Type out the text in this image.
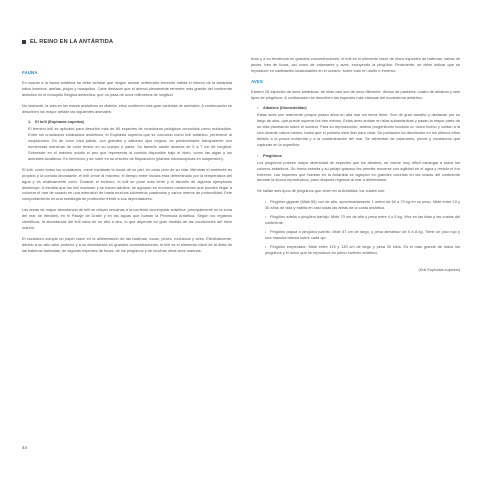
EL REINO EN LA ANTÁRTIDA
FAUNA

En cuanto a la fauna antártica se debe señalar que ningún animal vertebrado terrestre habita el interior de la Antártida salvo insectos, arañas, piojos y mosquitos. Cabe destacar que el animal plenamente terrestre más grande del continente antártico es el mosquito Belgica antarctica, que no pasa de unos milímetros de longitud.

No obstante, la vida en los mares antárticos es distinta, ellos contienen una gran variedad de animales. A continuación se describen los mayor detalle las siguientes animales:

1. El krill (Euphasia superba)

El término krill se aplicado para describir más de 80 especies de crustáceos pelágicos conocidos como eufáusidos. Entre los crustáceos eufáusidos antárticos, el Euphasia superba que se conocido como krill antártico, pertenece al zooplancton. Es de color rosa pálido, con grandes y saltones ojos negros; es predominante transparente con numerosas manchas de color tenido en su cuerpo y patas. Su tamaño adulto alcanza de 5 a 7 cm de longitud. Sobresale en el máximo adulto el pez que representa la comida disponible bajo el hielo, como las algas y los animales acuáticos. Es herbívoro y se nutre en su entorno de fitoplancton (plantas microscópicas en suspensión).

El krill, como todos los crustáceos, crece mediante la muda de su piel, en cada ciclo de su vida. Mientras el ambiente es propicio y la comida abundante, el krill crece al máximo; el tiempo entre mudas está determinado por la temperatura del agua y es relativamente corto. Durante el invierno, el krill se pone más lento y el tamaño de algunos ejemplares disminuye. A medida que los krill maduran y se hacen adultos, se agrupan en enormes cardúmenes que pueden llegar a colorear el mar de rosado en una extensión de hasta muchos kilómetros cuadrados y varios metros de profundidad. Este comportamiento es una estrategia de protección frente a sus depredadores.

Las áreas de mayor abundancia de krill se ubican cercanas a la corriente circumpolar antártica, principalmente en la zona del mar de Weddell, en el Pasaje de Drake y en las aguas que rodean la Península Antártica. Según los registros científicos, la abundancia del krill varía de un año a otro, lo que depende en gran medida de las condiciones del hielo marino.

El crustáceo cumple un papel clave en la alimentación de las ballenas, focas, peces, moluscos y aves. Efectivamente, debido a su alto valor proteico y a su abundancia en grandes concentraciones, el krill es el elemento clave de la dieta de las ballenas barbadas, de algunas especies de focas, de los pingüinos y de muchas otras aves marinas.

44

ticos y a su tendencia en grandes concentraciones, el krill es el elemento clave de cinco especies de ballenas, varias de peces, tres de focas, así como de calamares y aves, incluyendo la pingüino. Finalmente, se debe indicar que se reproduce en cantidades incalculables en el océano, sobre todo en otoño e invierno.

AVES

Existen 25 especies de aves antárticas, de ellas casi son de sexo diferente, dichos de pardeles, cuatro de albatros y seis tipos de pingüinos. A continuación se describen las especies más vistosas del ecosistema antártico:

• Albatros (Diomedeidae)

Estas aves son realmente porque pasan años en alta mar sin tierra firme. Son de gran tamaño y destacan por su largo de alas, que puede superar los tres metros. Estas aves anidan en islas subantárticas y pasan la mayor parte de su vida planeando sobre el océano. Para su reproducción, ambos progenitores incuban un único huevo y cuidan a la cría durante varios meses, hasta que el polluelo está listo para volar. Su población ha disminuido en los últimos años debido a la pesca incidental y a la contaminación del mar. Se alimentan de calamares, peces y crustáceos que capturan en la superficie.

• Pingüinos

Los pingüinos poseen mayor diversidad de especies que los albatros, se vuelve muy difícil catalogar a todos los colonos antárticos. Su forma esbelta y su pelaje grasoso les permite moverse con agilidad en el agua y resistir el frío extremo. Las especies que habitan en la Antártida se agrupan en grandes colonias en las costas del continente durante la época reproductiva, para después regresar al mar a alimentarse.

Se hallan seis tipos de pingüinos que viven en la Antártida, los cuales son:

• Pingüino gigante (Máis 50) con de alto, aproximadamente 1 metro de 60 a 70 kg en su peso. Mide entre 10 y 30 años de vida y habita en casi todas las áreas de la costa antártica.
• Pingüino adelia o pingüino barbijo: Mide 70 cm de alto y pesa entre 4 y 5 kg. Vive en las islas y las costas del continente.
• Pingüino papúa o pingüino juanito: Mide 57 cm de largo, y pesa alrededor de 5 a 8 kg. Tiene un pico rojo y una mancha blanca sobre cada ojo.
• Pingüino emperador: Mide entre 115 y 130 cm de largo y pesa 30 kilos. Es el más grande de todos los pingüinos y el único que se reproduce en pleno invierno antártico.
(Krill Euphasia superba)
